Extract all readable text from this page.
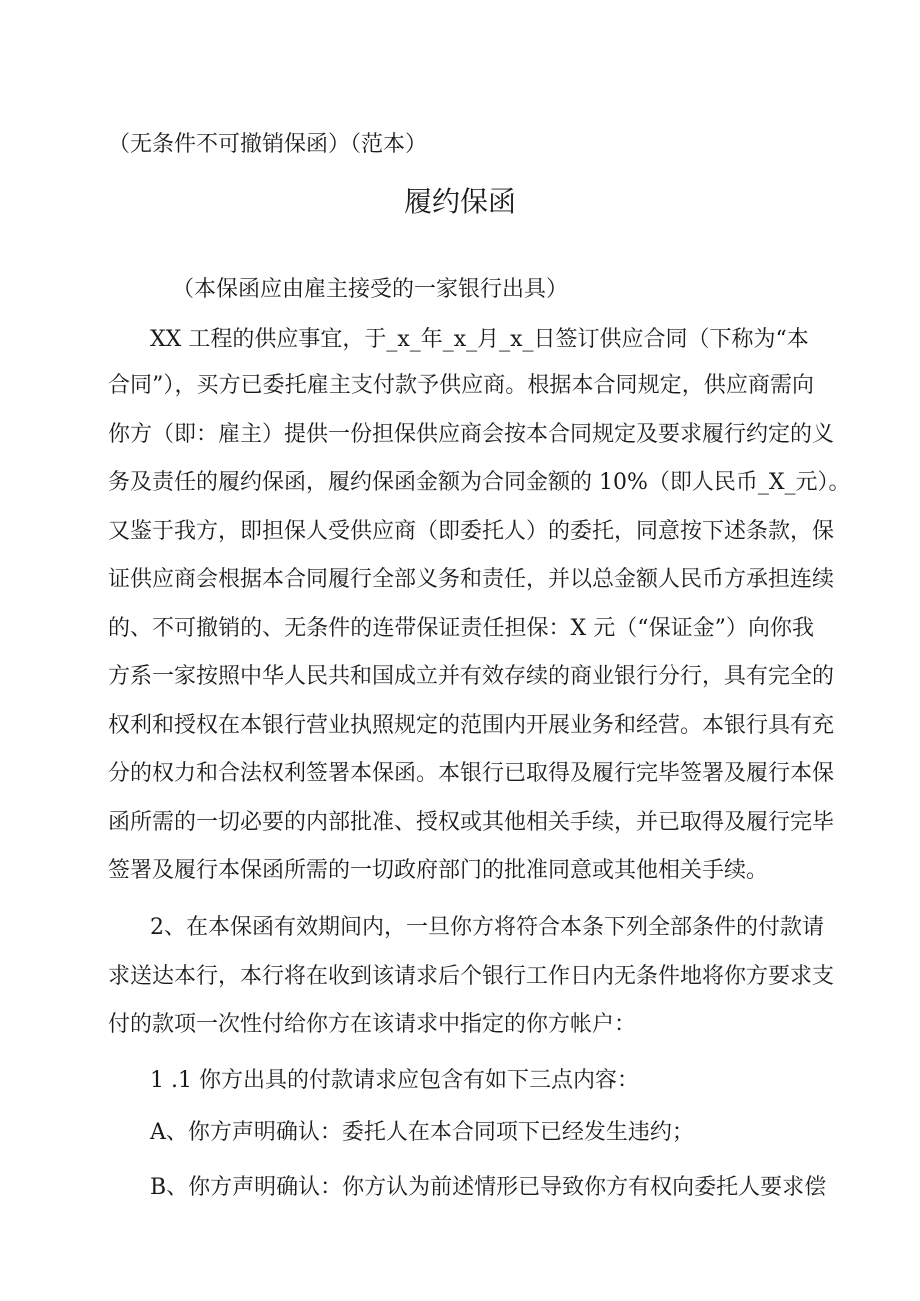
（无条件不可撤销保函）（范本）
履约保函
（本保函应由雇主接受的一家银行出具）
XX 工程的供应事宜，于_x_年_x_月_x_日签订供应合同（下称为“本
合同”），买方已委托雇主支付款予供应商。根据本合同规定，供应商需向
你方（即：雇主）提供一份担保供应商会按本合同规定及要求履行约定的义
务及责任的履约保函，履约保函金额为合同金额的 10%（即人民币_X_元）。
又鉴于我方，即担保人受供应商（即委托人）的委托，同意按下述条款，保
证供应商会根据本合同履行全部义务和责任，并以总金额人民币方承担连续
的、不可撤销的、无条件的连带保证责任担保：X 元（“保证金”）向你我
方系一家按照中华人民共和国成立并有效存续的商业银行分行，具有完全的
权利和授权在本银行营业执照规定的范围内开展业务和经营。本银行具有充
分的权力和合法权利签署本保函。本银行已取得及履行完毕签署及履行本保
函所需的一切必要的内部批准、授权或其他相关手续，并已取得及履行完毕
签署及履行本保函所需的一切政府部门的批准同意或其他相关手续。
2、在本保函有效期间内，一旦你方将符合本条下列全部条件的付款请
求送达本行，本行将在收到该请求后个银行工作日内无条件地将你方要求支
付的款项一次性付给你方在该请求中指定的你方帐户：
1 .1 你方出具的付款请求应包含有如下三点内容：
A、你方声明确认：委托人在本合同项下已经发生违约；
B、你方声明确认：你方认为前述情形已导致你方有权向委托人要求偿
